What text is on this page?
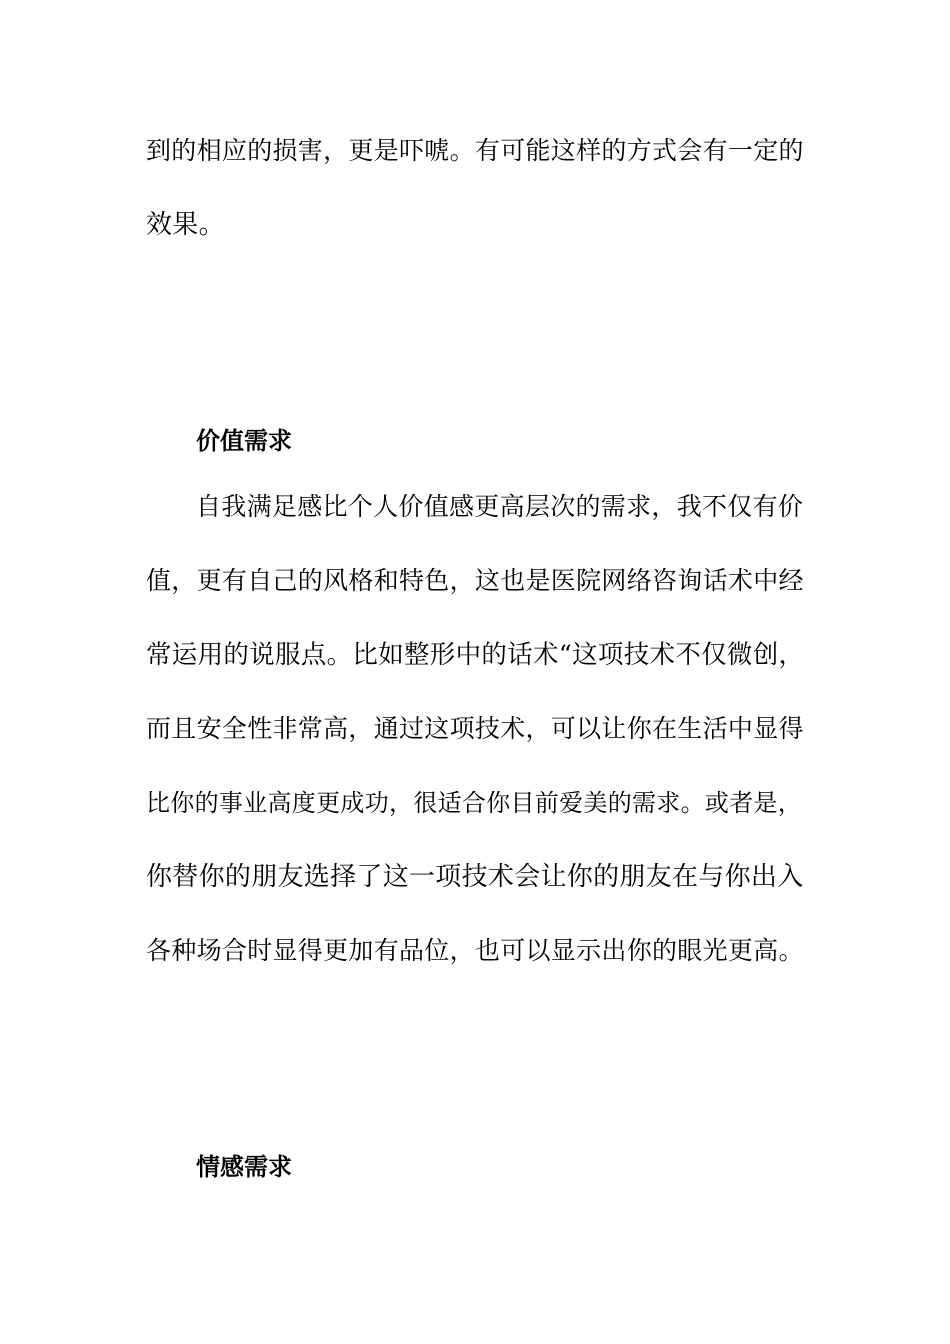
到的相应的损害，更是吓唬。有可能这样的方式会有一定的
效果。
价值需求
自我满足感比个人价值感更高层次的需求，我不仅有价
值，更有自己的风格和特色，这也是医院网络咨询话术中经
常运用的说服点。比如整形中的话术“这项技术不仅微创，
而且安全性非常高，通过这项技术，可以让你在生活中显得
比你的事业高度更成功，很适合你目前爱美的需求。或者是，
你替你的朋友选择了这一项技术会让你的朋友在与你出入
各种场合时显得更加有品位，也可以显示出你的眼光更高。
情感需求
